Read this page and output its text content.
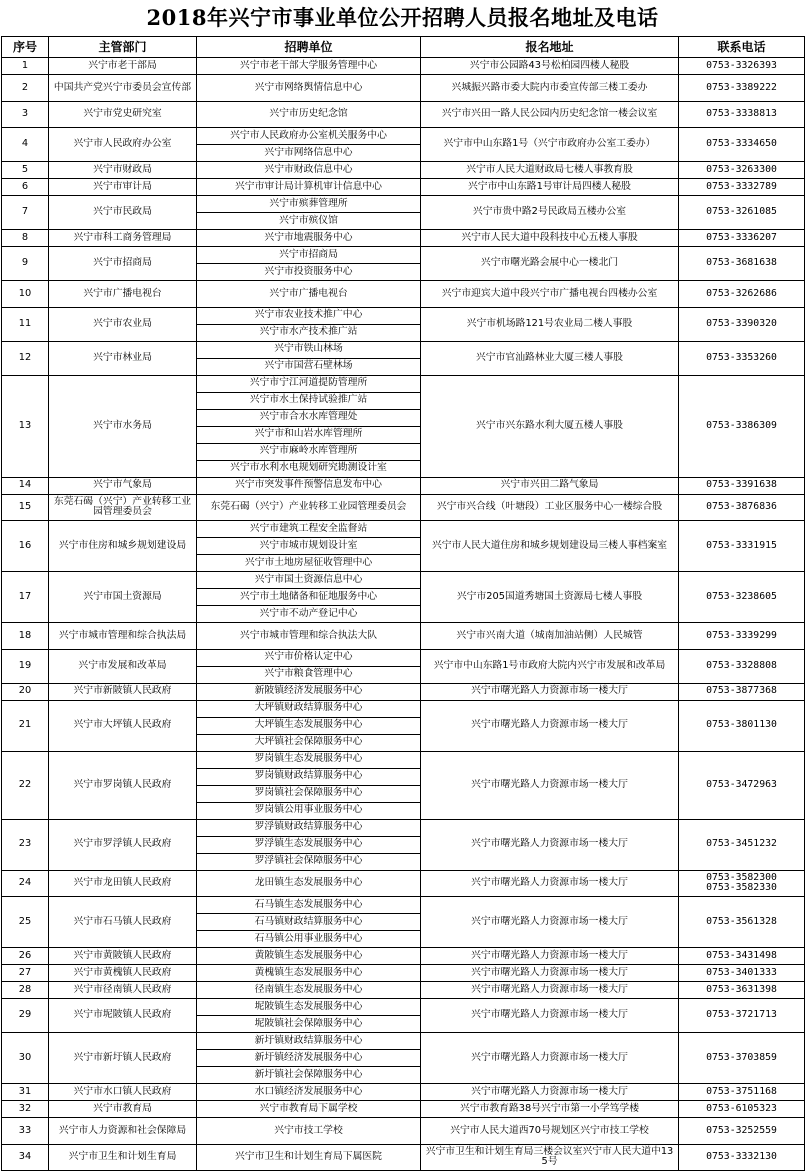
2018年兴宁市事业单位公开招聘人员报名地址及电话
序号	主管部门	招聘单位	报名地址	联系电话
1	兴宁市老干部局	兴宁市老干部大学服务管理中心	兴宁市公园路43号松柏园四楼人秘股	0753-3326393
2	中国共产党兴宁市委员会宣传部	兴宁市网络舆情信息中心	兴城振兴路市委大院内市委宣传部三楼工委办	0753-3389222
3	兴宁市党史研究室	兴宁市历史纪念馆	兴宁市兴田一路人民公园内历史纪念馆一楼会议室	0753-3338813
4	兴宁市人民政府办公室	兴宁市人民政府办公室机关服务中心	兴宁市中山东路1号（兴宁市政府办公室工委办）	0753-3334650
		兴宁市网络信息中心		
5	兴宁市财政局	兴宁市财政信息中心	兴宁市人民大道财政局七楼人事教育股	0753-3263300
6	兴宁市审计局	兴宁市审计局计算机审计信息中心	兴宁市中山东路1号审计局四楼人秘股	0753-3332789
7	兴宁市民政局	兴宁市殡葬管理所	兴宁市贵中路2号民政局五楼办公室	0753-3261085
		兴宁市殡仪馆		
8	兴宁市科工商务管理局	兴宁市地震服务中心	兴宁市人民大道中段科技中心五楼人事股	0753-3336207
9	兴宁市招商局	兴宁市招商局	兴宁市曙光路会展中心一楼北门	0753-3681638
		兴宁市投资服务中心		
10	兴宁市广播电视台	兴宁市广播电视台	兴宁市迎宾大道中段兴宁市广播电视台四楼办公室	0753-3262686
11	兴宁市农业局	兴宁市农业技术推广中心	兴宁市机场路121号农业局二楼人事股	0753-3390320
		兴宁市水产技术推广站		
12	兴宁市林业局	兴宁市铁山林场	兴宁市官汕路林业大厦三楼人事股	0753-3353260
		兴宁市国营石壁林场		
13	兴宁市水务局	兴宁市宁江河道提防管理所	兴宁市兴东路水利大厦五楼人事股	0753-3386309
		兴宁市水土保持试验推广站		
		兴宁市合水水库管理处		
		兴宁市和山岩水库管理所		
		兴宁市麻岭水库管理所		
		兴宁市水利水电规划研究勘测设计室		
14	兴宁市气象局	兴宁市突发事件预警信息发布中心	兴宁市兴田二路气象局	0753-3391638
15	东莞石碣（兴宁）产业转移工业园管理委员会	东莞石碣（兴宁）产业转移工业园管理委员会	兴宁市兴合线（叶塘段）工业区服务中心一楼综合股	0753-3876836
16	兴宁市住房和城乡规划建设局	兴宁市建筑工程安全监督站	兴宁市人民大道住房和城乡规划建设局三楼人事档案室	0753-3331915
		兴宁市城市规划设计室		
		兴宁市土地房屋征收管理中心		
17	兴宁市国土资源局	兴宁市国土资源信息中心	兴宁市205国道秀塘国土资源局七楼人事股	0753-3238605
		兴宁市土地储备和征地服务中心		
		兴宁市不动产登记中心		
18	兴宁市城市管理和综合执法局	兴宁市城市管理和综合执法大队	兴宁市兴南大道（城南加油站侧）人民城管	0753-3339299
19	兴宁市发展和改革局	兴宁市价格认定中心	兴宁市中山东路1号市政府大院内兴宁市发展和改革局	0753-3328808
		兴宁市粮食管理中心		
20	兴宁市新陂镇人民政府	新陂镇经济发展服务中心	兴宁市曙光路人力资源市场一楼大厅	0753-3877368
21	兴宁市大坪镇人民政府	大坪镇财政结算服务中心	兴宁市曙光路人力资源市场一楼大厅	0753-3801130
		大坪镇生态发展服务中心		
		大坪镇社会保障服务中心		
22	兴宁市罗岗镇人民政府	罗岗镇生态发展服务中心	兴宁市曙光路人力资源市场一楼大厅	0753-3472963
		罗岗镇财政结算服务中心		
		罗岗镇社会保障服务中心		
		罗岗镇公用事业服务中心		
23	兴宁市罗浮镇人民政府	罗浮镇财政结算服务中心	兴宁市曙光路人力资源市场一楼大厅	0753-3451232
		罗浮镇生态发展服务中心		
		罗浮镇社会保障服务中心		
24	兴宁市龙田镇人民政府	龙田镇生态发展服务中心	兴宁市曙光路人力资源市场一楼大厅	0753-3582300
0753-3582330
25	兴宁市石马镇人民政府	石马镇生态发展服务中心	兴宁市曙光路人力资源市场一楼大厅	0753-3561328
		石马镇财政结算服务中心		
		石马镇公用事业服务中心		
26	兴宁市黄陂镇人民政府	黄陂镇生态发展服务中心	兴宁市曙光路人力资源市场一楼大厅	0753-3431498
27	兴宁市黄槐镇人民政府	黄槐镇生态发展服务中心	兴宁市曙光路人力资源市场一楼大厅	0753-3401333
28	兴宁市径南镇人民政府	径南镇生态发展服务中心	兴宁市曙光路人力资源市场一楼大厅	0753-3631398
29	兴宁市坭陂镇人民政府	坭陂镇生态发展服务中心	兴宁市曙光路人力资源市场一楼大厅	0753-3721713
		坭陂镇社会保障服务中心		
30	兴宁市新圩镇人民政府	新圩镇财政结算服务中心	兴宁市曙光路人力资源市场一楼大厅	0753-3703859
		新圩镇经济发展服务中心		
		新圩镇社会保障服务中心		
31	兴宁市水口镇人民政府	水口镇经济发展服务中心	兴宁市曙光路人力资源市场一楼大厅	0753-3751168
32	兴宁市教育局	兴宁市教育局下属学校	兴宁市教育路38号兴宁市第一小学笃学楼	0753-6105323
33	兴宁市人力资源和社会保障局	兴宁市技工学校	兴宁市人民大道西70号规划区兴宁市技工学校	0753-3252559
34	兴宁市卫生和计划生育局	兴宁市卫生和计划生育局下属医院	兴宁市卫生和计划生育局三楼会议室兴宁市人民大道中135号	0753-3332130
